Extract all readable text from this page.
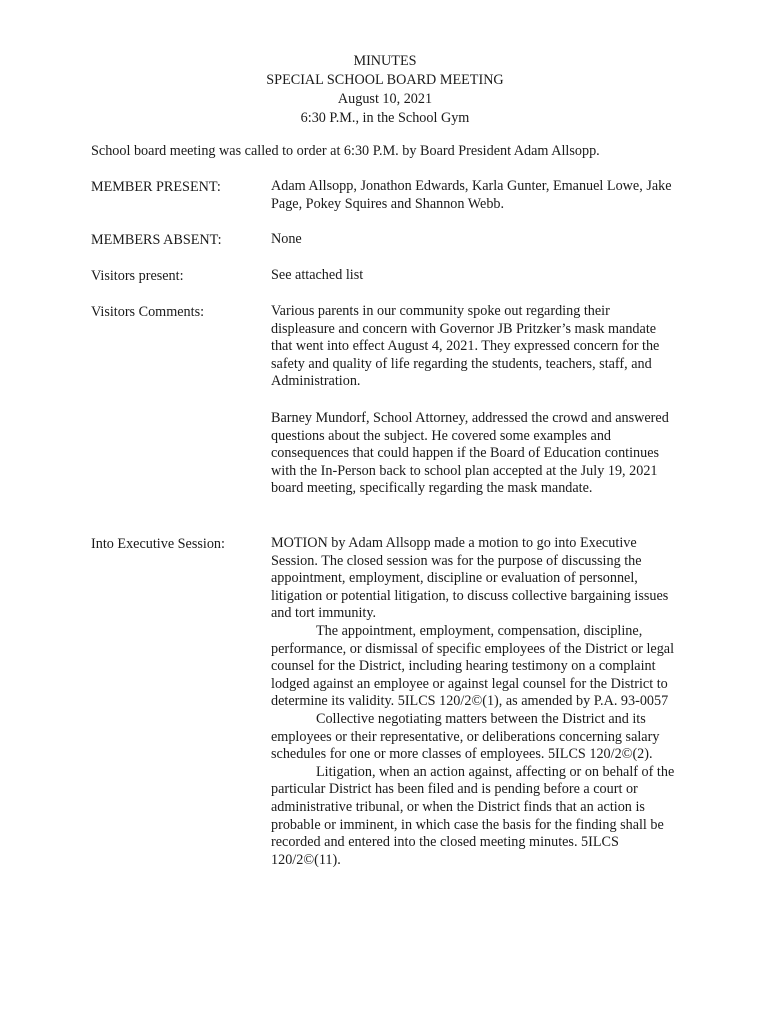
MINUTES
SPECIAL SCHOOL BOARD MEETING
August 10, 2021
6:30 P.M., in the School Gym
School board meeting was called to order at 6:30 P.M. by Board President Adam Allsopp.
MEMBER PRESENT:	Adam Allsopp, Jonathon Edwards, Karla Gunter, Emanuel Lowe, Jake Page, Pokey Squires and Shannon Webb.

MEMBERS ABSENT:	None

Visitors present:	See attached list

Visitors Comments:	Various parents in our community spoke out regarding their displeasure and concern with Governor JB Pritzker’s mask mandate that went into effect August 4, 2021. They expressed concern for the safety and quality of life regarding the students, teachers, staff, and Administration.

Barney Mundorf, School Attorney, addressed the crowd and answered questions about the subject. He covered some examples and consequences that could happen if the Board of Education continues with the In-Person back to school plan accepted at the July 19, 2021 board meeting, specifically regarding the mask mandate.

Into Executive Session:	MOTION by Adam Allsopp made a motion to go into Executive Session. The closed session was for the purpose of discussing the appointment, employment, discipline or evaluation of personnel, litigation or potential litigation, to discuss collective bargaining issues and tort immunity.

The appointment, employment, compensation, discipline, performance, or dismissal of specific employees of the District or legal counsel for the District, including hearing testimony on a complaint lodged against an employee or against legal counsel for the District to determine its validity. 5ILCS 120/2©(1), as amended by P.A. 93-0057

Collective negotiating matters between the District and its employees or their representative, or deliberations concerning salary schedules for one or more classes of employees. 5ILCS 120/2©(2).

Litigation, when an action against, affecting or on behalf of the particular District has been filed and is pending before a court or administrative tribunal, or when the District finds that an action is probable or imminent, in which case the basis for the finding shall be recorded and entered into the closed meeting minutes. 5ILCS 120/2©(11).
